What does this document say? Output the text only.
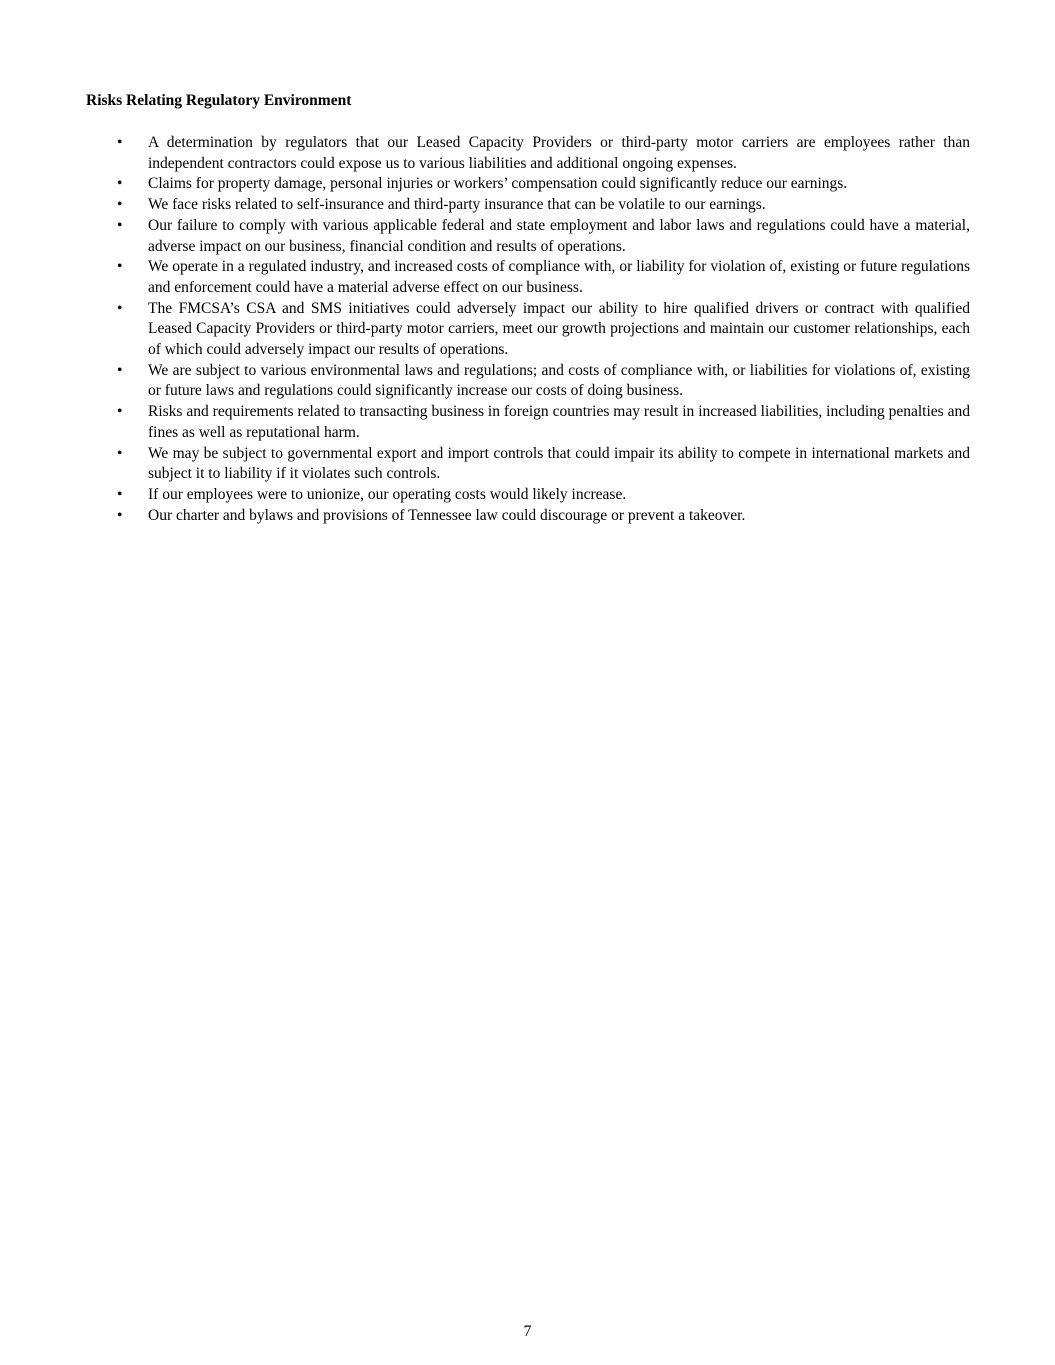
Risks Relating Regulatory Environment
• A determination by regulators that our Leased Capacity Providers or third-party motor carriers are employees rather than independent contractors could expose us to various liabilities and additional ongoing expenses.
• Claims for property damage, personal injuries or workers’ compensation could significantly reduce our earnings.
• We face risks related to self-insurance and third-party insurance that can be volatile to our earnings.
• Our failure to comply with various applicable federal and state employment and labor laws and regulations could have a material, adverse impact on our business, financial condition and results of operations.
• We operate in a regulated industry, and increased costs of compliance with, or liability for violation of, existing or future regulations and enforcement could have a material adverse effect on our business.
• The FMCSA’s CSA and SMS initiatives could adversely impact our ability to hire qualified drivers or contract with qualified Leased Capacity Providers or third-party motor carriers, meet our growth projections and maintain our customer relationships, each of which could adversely impact our results of operations.
• We are subject to various environmental laws and regulations; and costs of compliance with, or liabilities for violations of, existing or future laws and regulations could significantly increase our costs of doing business.
• Risks and requirements related to transacting business in foreign countries may result in increased liabilities, including penalties and fines as well as reputational harm.
• We may be subject to governmental export and import controls that could impair its ability to compete in international markets and subject it to liability if it violates such controls.
• If our employees were to unionize, our operating costs would likely increase.
• Our charter and bylaws and provisions of Tennessee law could discourage or prevent a takeover.
7
